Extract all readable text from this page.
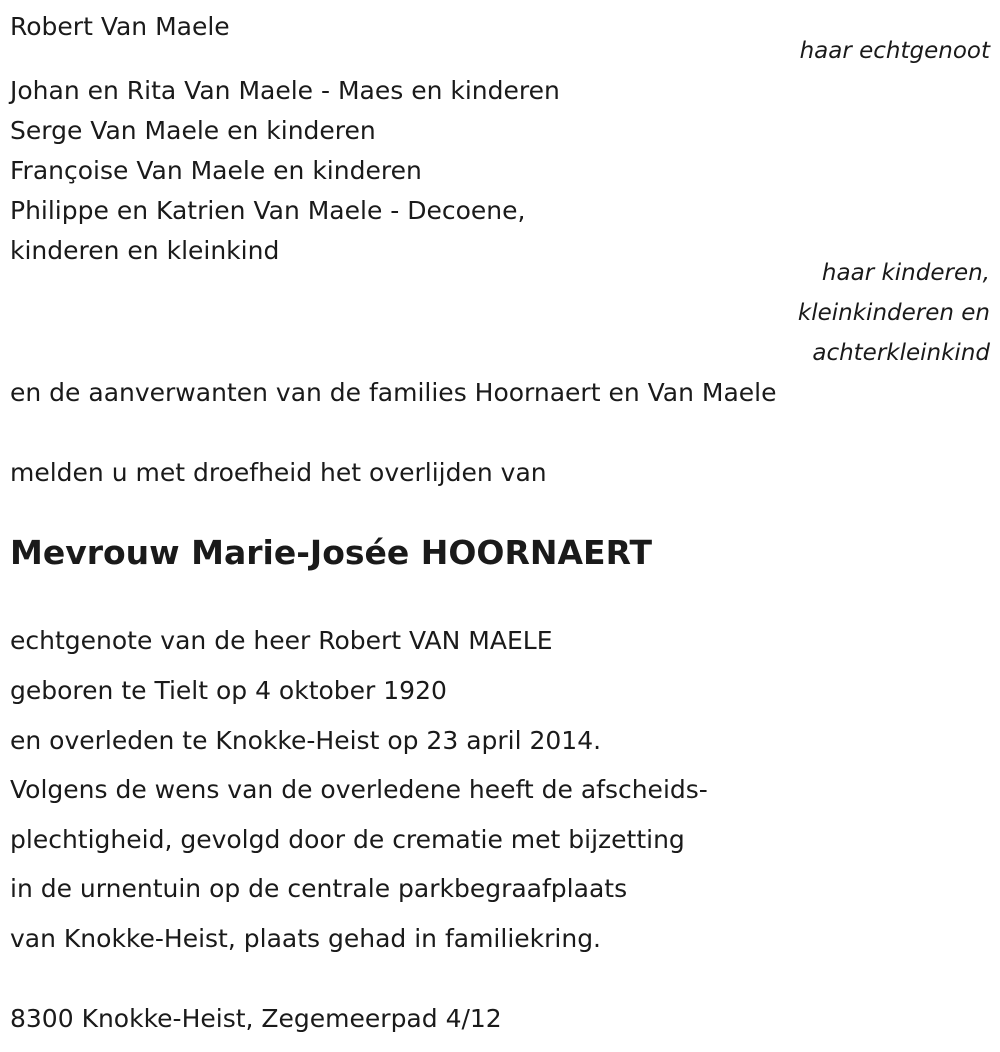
Robert Van Maele
haar echtgenoot
Johan en Rita Van Maele - Maes en kinderen
Serge Van Maele en kinderen
Françoise Van Maele en kinderen
Philippe en Katrien Van Maele - Decoene,
kinderen en kleinkind
haar kinderen,
kleinkinderen en
achterkleinkind
en de aanverwanten van de families Hoornaert en Van Maele
melden u met droefheid het overlijden van
Mevrouw Marie-Josée HOORNAERT
echtgenote van de heer Robert VAN MAELE
geboren te Tielt op 4 oktober 1920
en overleden te Knokke-Heist op 23 april 2014.
Volgens de wens van de overledene heeft de afscheids-
plechtigheid, gevolgd door de crematie met bijzetting
in de urnentuin op de centrale parkbegraafplaats
van Knokke-Heist, plaats gehad in familiekring.
8300 Knokke-Heist, Zegemeerpad 4/12
